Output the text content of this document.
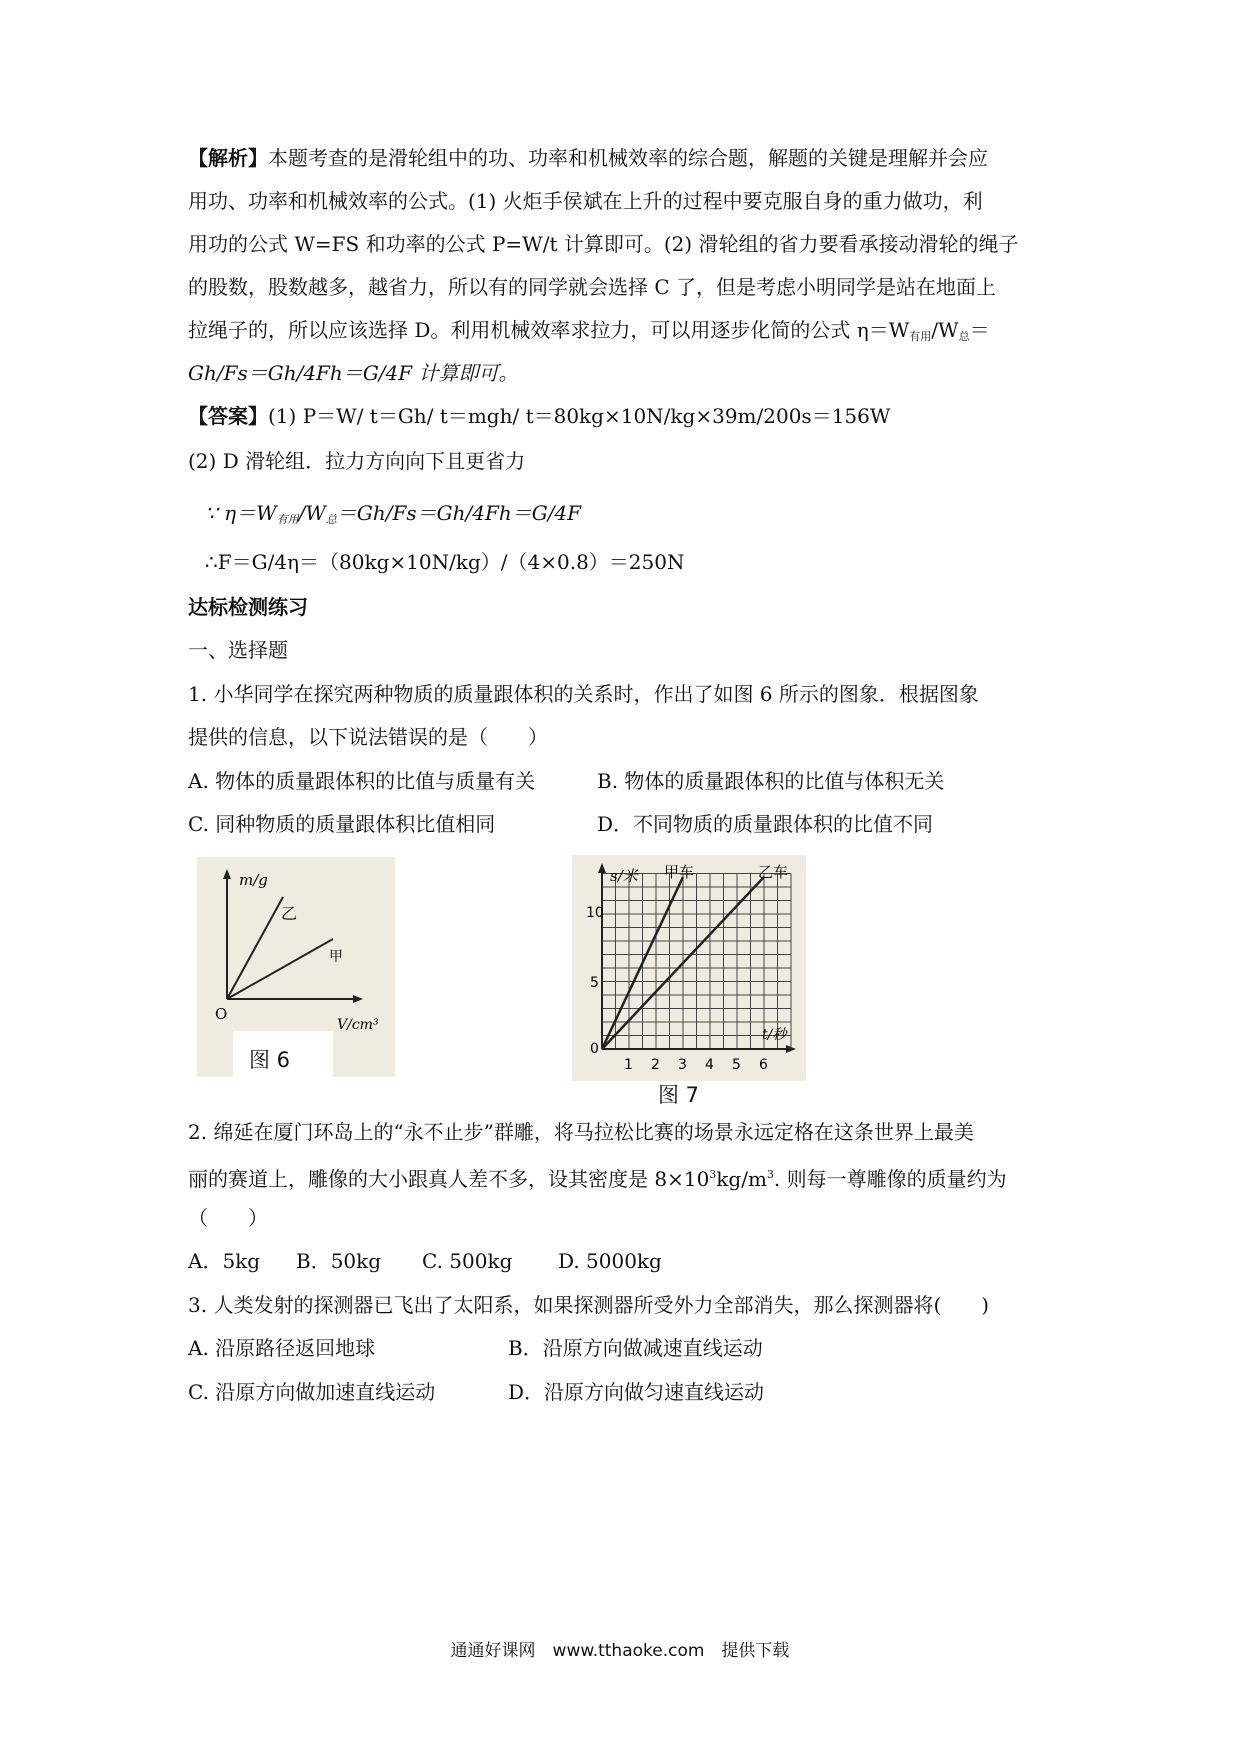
【解析】本题考查的是滑轮组中的功、功率和机械效率的综合题，解题的关键是理解并会应
用功、功率和机械效率的公式。(1) 火炬手侯斌在上升的过程中要克服自身的重力做功，利
用功的公式 W=FS 和功率的公式 P=W/t 计算即可。(2) 滑轮组的省力要看承接动滑轮的绳子
的股数，股数越多，越省力，所以有的同学就会选择 C 了，但是考虑小明同学是站在地面上
拉绳子的，所以应该选择 D。利用机械效率求拉力，可以用逐步化简的公式 $\eta=W_{有用}/W_总=$
Gh/Fs＝Gh/4Fh＝G/4F 计算即可。
【答案】(1) P＝W/ t＝Gh/ t＝mgh/ t＝80kg×10N/kg×39m/200s＝156W
(2) D 滑轮组．拉力方向向下且更省力
∵ $\eta=W_{有用}/W_总=Gh/Fs=Gh/4Fh=G/4F$
∴F＝G/4η＝（80kg×10N/kg）/（4×0.8）＝250N
达标检测练习
一、选择题
1. 小华同学在探究两种物质的质量跟体积的关系时，作出了如图 6 所示的图象．根据图象
提供的信息，以下说法错误的是（　　）
A. 物体的质量跟体积的比值与质量有关	B. 物体的质量跟体积的比值与体积无关
C. 同种物质的质量跟体积比值相同	D．不同物质的质量跟体积的比值不同
m/g
V/cm³
O
乙
甲
图 6
s/米
t/秒
甲车	乙车
10
5
0
1 2 3 4 5 6
图 7
2. 绵延在厦门环岛上的“永不止步”群雕，将马拉松比赛的场景永远定格在这条世界上最美
丽的赛道上，雕像的大小跟真人差不多，设其密度是 $8\times 10^3kg/m^3$. 则每一尊雕像的质量约为
（　　）
A．5kg B．50kg C. 500kg D. 5000kg
3. 人类发射的探测器已飞出了太阳系，如果探测器所受外力全部消失，那么探测器将(　　)
A. 沿原路径返回地球	B．沿原方向做减速直线运动
C. 沿原方向做加速直线运动	D．沿原方向做匀速直线运动
通通好课网　www.tthaoke.com　提供下载
